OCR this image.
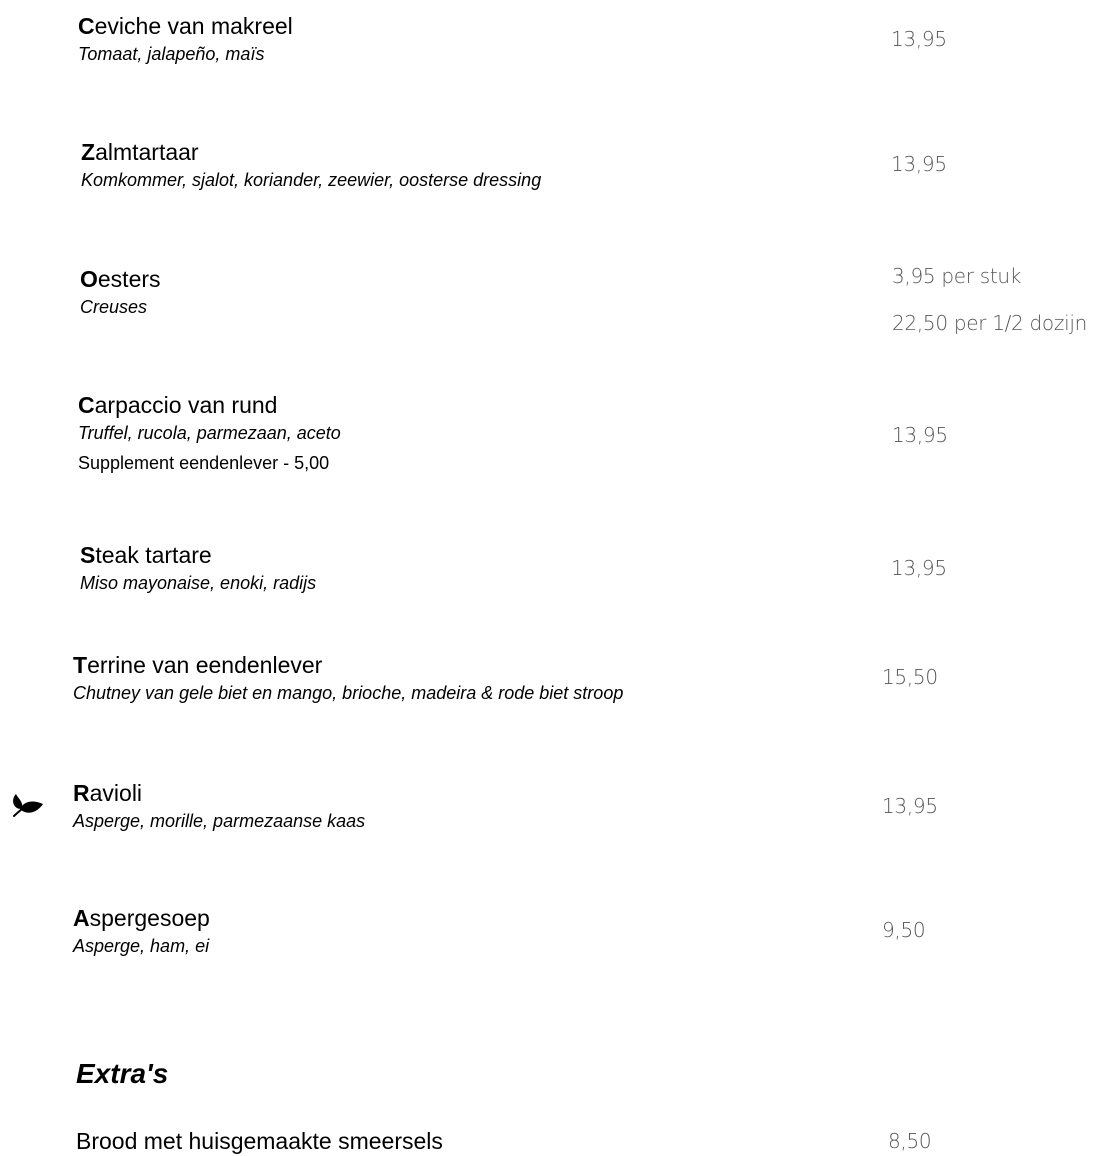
Ceviche van makreel
Tomaat, jalapeño, maïs
13,95
Zalmtartaar
Komkommer, sjalot, koriander, zeewier, oosterse dressing
13,95
Oesters
Creuses
3,95 per stuk
22,50 per 1/2 dozijn
Carpaccio van rund
Truffel, rucola, parmezaan, aceto
Supplement eendenlever - 5,00
13,95
Steak tartare
Miso mayonaise, enoki, radijs
13,95
Terrine van eendenlever
Chutney van gele biet en mango, brioche, madeira & rode biet stroop
15,50
Ravioli
Asperge, morille, parmezaanse kaas
13,95
Aspergesoep
Asperge, ham, ei
9,50
Extra's
Brood met huisgemaakte smeersels	8,50
